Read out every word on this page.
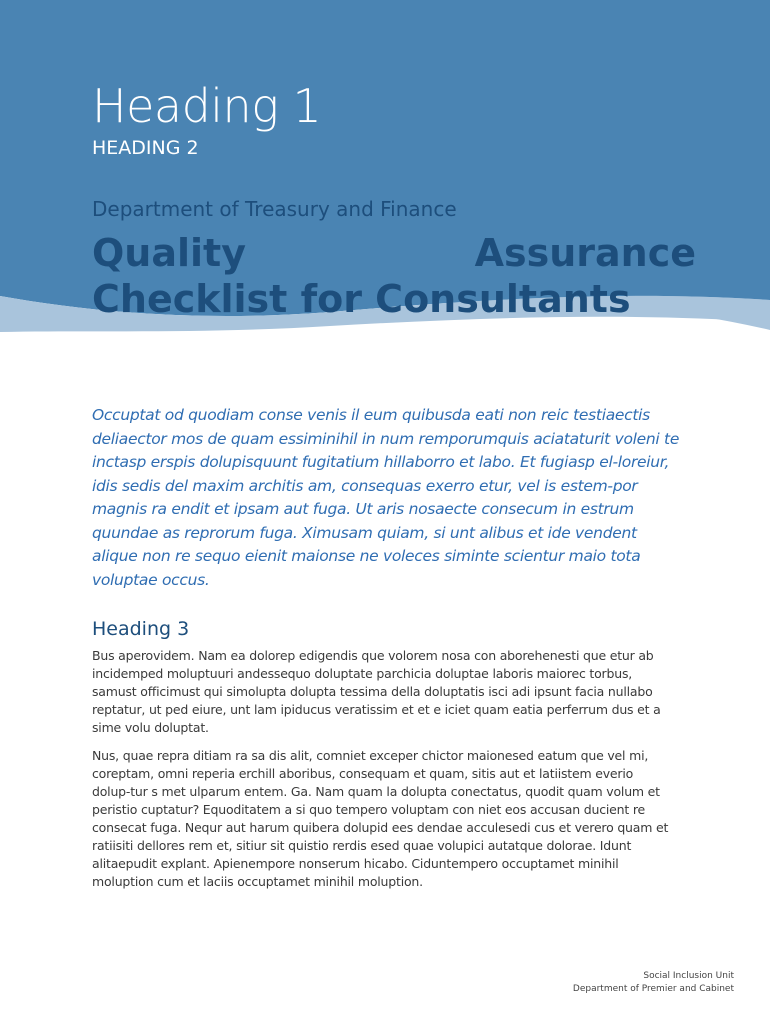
Heading 1
HEADING 2
Department of Treasury and Finance
Quality	Assurance
Checklist for Consultants
Occuptat od quodiam conse venis il eum quibusda eati non reic testiaectis deliaector mos de quam essiminihil in num remporumquis aciataturit voleni te inctasp erspis dolupisquunt fugitatium hillaborro et labo. Et fugiasp el-loreiur, idis sedis del maxim architis am, consequas exerro etur, vel is estem-por magnis ra endit et ipsam aut fuga. Ut aris nosaecte consecum in estrum quundae as reprorum fuga. Ximusam quiam, si unt alibus et ide vendent alique non re sequo eienit maionse ne voleces siminte scientur maio tota voluptae occus.
Heading 3

Bus aperovidem. Nam ea dolorep edigendis que volorem nosa con aborehenesti que etur ab incidemped moluptuuri andessequo doluptate parchicia doluptae laboris maiorec torbus, samust officimust qui simolupta dolupta tessima della doluptatis isci adi ipsunt facia nullabo reptatur, ut ped eiure, unt lam ipiducus veratissim et et e iciet quam eatia perferrum dus et a sime volu doluptat.

Nus, quae repra ditiam ra sa dis alit, comniet exceper chictor maionesed eatum que vel mi, coreptam, omni reperia erchill aboribus, consequam et quam, sitis aut et latiistem everio dolup-tur s met ulparum entem. Ga. Nam quam la dolupta conectatus, quodit quam volum et peristio cuptatur? Equoditatem a si quo tempero voluptam con niet eos accusan ducient re consecat fuga. Nequr aut harum quibera dolupid ees dendae acculesedi cus et verero quam et ratiisiti dellores rem et, sitiur sit quistio rerdis esed quae volupici autatque dolorae. Idunt alitaepudit explant. Apienempore nonserum hicabo. Ciduntempero occuptamet minihil moluption cum et laciis occuptamet minihil moluption.

Social Inclusion Unit
Department of Premier and Cabinet
